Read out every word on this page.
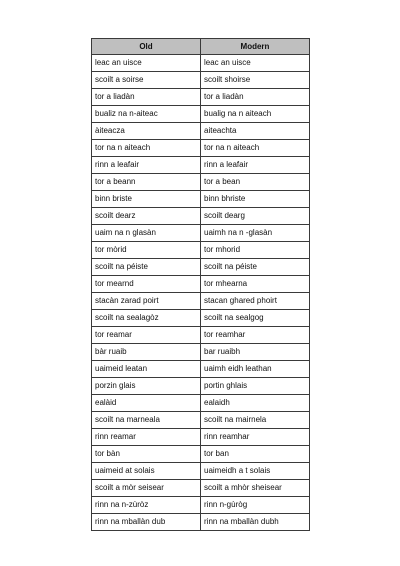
Old	Modern
leac an uisce	leac an uisce
scoilt a soirse	scoilt shoirse
tor a liadàn	tor a liadàn
bualiz na n-aiteac	bualig na n aiteach
àiteacza	aiteachta
tor na n aiteach	tor na n aiteach
rinn a leafair	rinn a leafair
tor a beann	tor a bean
binn briste	binn bhriste
scoilt dearz	scoilt dearg
uaim na n glasàn	uaimh na n -glasàn
tor mòrid	tor mhorid
scoilt na péiste	scoilt na péiste
tor mearnd	tor mhearna
stacàn zarad poirt	stacan ghared phoirt
scoilt na sealagòz	scoilt na sealgog
tor reamar	tor reamhar
bàr ruaib	bar ruaibh
uaimeid leatan	uaimh eidh leathan
porzin glais	portin ghlais
ealàid	ealaidh
scoilt na marneala	scoilt na mairnela
rinn reamar	rinn reamhar
tor bàn	tor ban
uaimeid at solais	uaimeidh a t solais
scoilt a mòr seisear	scoilt a mhòr sheisear
rinn na n-zùròz	rinn n-gùròg
rinn na mballàn dub	rinn na mballàn dubh
